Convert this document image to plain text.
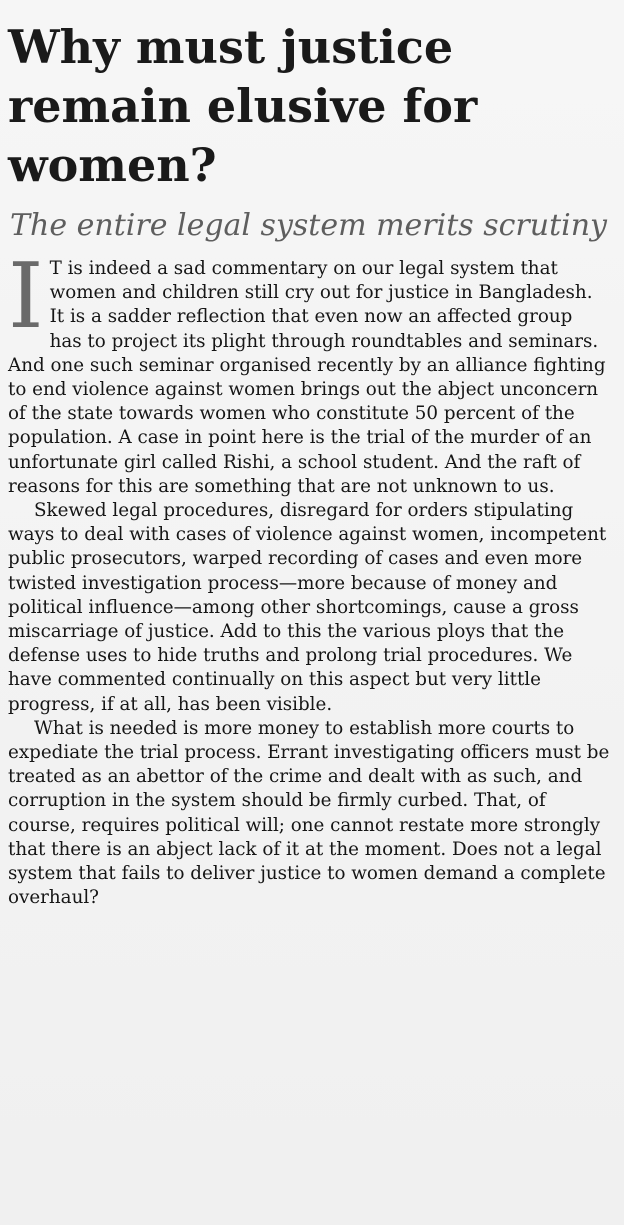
Why must justice remain elusive for women?
The entire legal system merits scrutiny

I T is indeed a sad commentary on our legal system that women and children still cry out for justice in Bangladesh. It is a sadder reflection that even now an affected group has to project its plight through roundtables and seminars. And one such seminar organised recently by an alliance fighting to end violence against women brings out the abject unconcern of the state towards women who constitute 50 percent of the population. A case in point here is the trial of the murder of an unfortunate girl called Rishi, a school student. And the raft of reasons for this are something that are not unknown to us.

Skewed legal procedures, disregard for orders stipulating ways to deal with cases of violence against women, incompetent public prosecutors, warped recording of cases and even more twisted investigation process—more because of money and political influence—among other shortcomings, cause a gross miscarriage of justice. Add to this the various ploys that the defense uses to hide truths and prolong trial procedures. We have commented continually on this aspect but very little progress, if at all, has been visible.

What is needed is more money to establish more courts to expediate the trial process. Errant investigating officers must be treated as an abettor of the crime and dealt with as such, and corruption in the system should be firmly curbed. That, of course, requires political will; one cannot restate more strongly that there is an abject lack of it at the moment. Does not a legal system that fails to deliver justice to women demand a complete overhaul?
